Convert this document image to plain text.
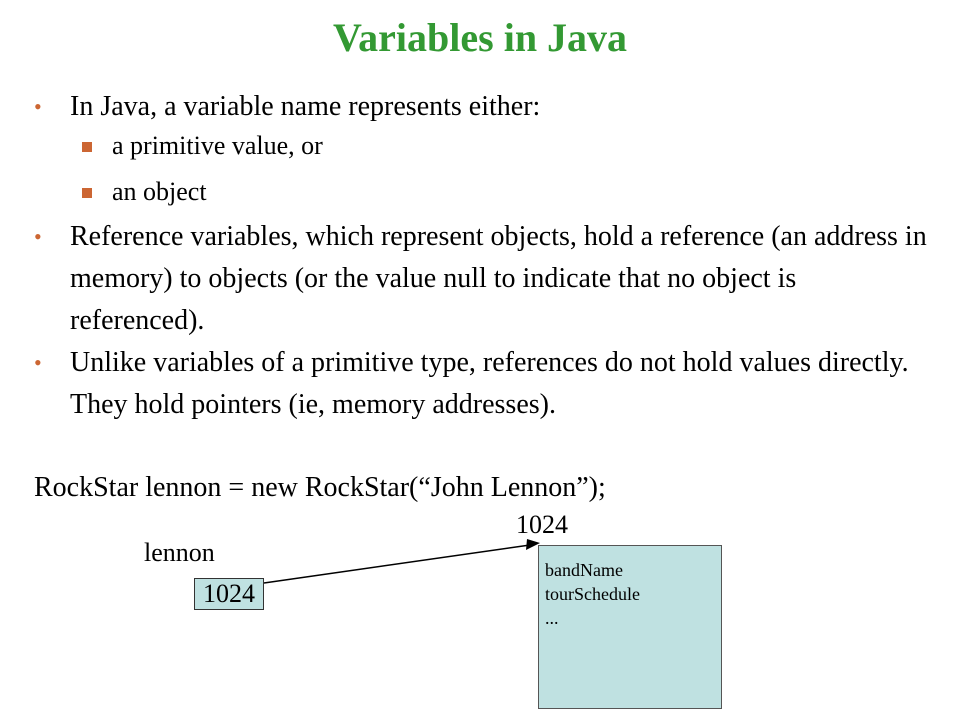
Variables in Java
• In Java, a variable name represents either:
a primitive value, or
an object
• Reference variables, which represent objects, hold a reference (an address in memory) to objects (or the value null to indicate that no object is referenced).
• Unlike variables of a primitive type, references do not hold values directly. They hold pointers (ie, memory addresses).
RockStar lennon = new RockStar(“John Lennon”);
1024
lennon
1024
bandName
tourSchedule
...
